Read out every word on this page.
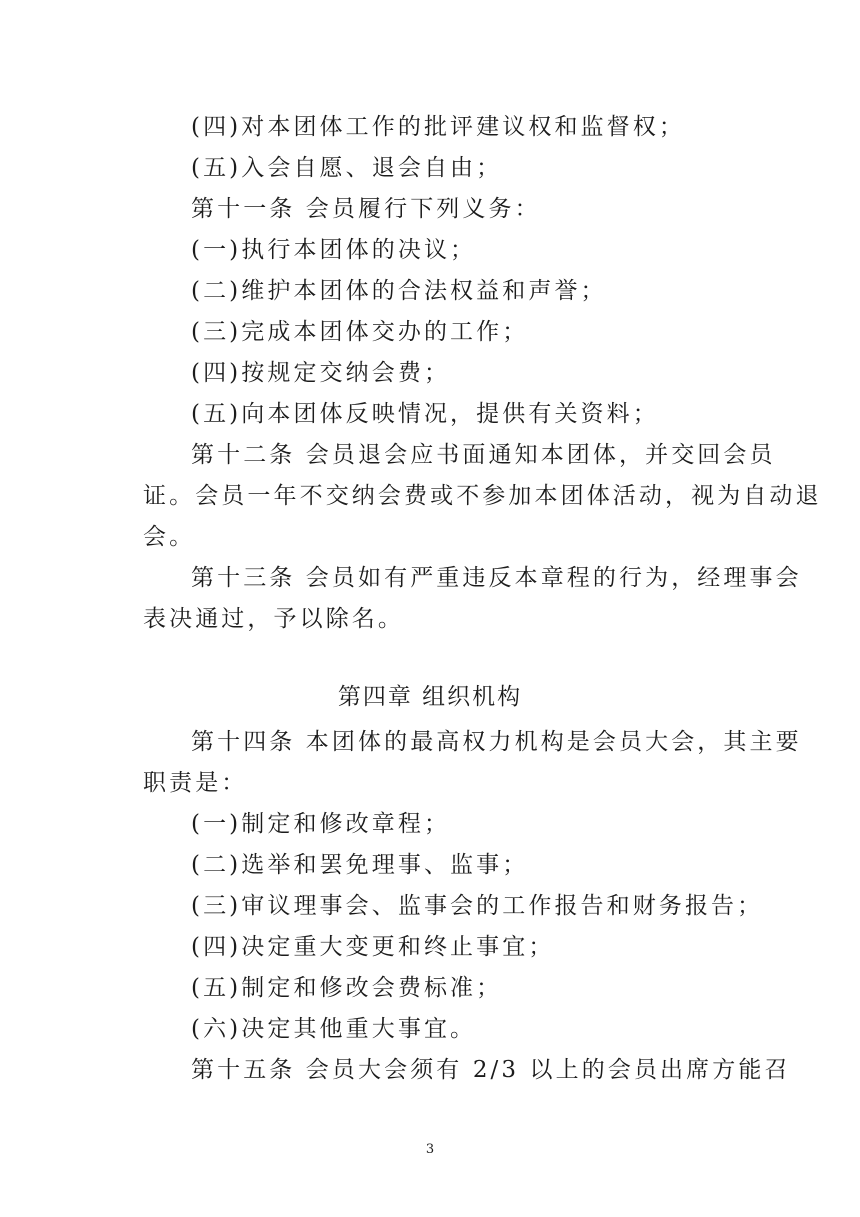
(四)对本团体工作的批评建议权和监督权；
(五)入会自愿、退会自由；
第十一条 会员履行下列义务：
(一)执行本团体的决议；
(二)维护本团体的合法权益和声誉；
(三)完成本团体交办的工作；
(四)按规定交纳会费；
(五)向本团体反映情况，提供有关资料；
第十二条 会员退会应书面通知本团体，并交回会员
证。会员一年不交纳会费或不参加本团体活动，视为自动退
会。
第十三条 会员如有严重违反本章程的行为，经理事会
表决通过，予以除名。
第四章 组织机构
第十四条 本团体的最高权力机构是会员大会，其主要
职责是：
(一)制定和修改章程；
(二)选举和罢免理事、监事；
(三)审议理事会、监事会的工作报告和财务报告；
(四)决定重大变更和终止事宜；
(五)制定和修改会费标准；
(六)决定其他重大事宜。
第十五条 会员大会须有 2/3 以上的会员出席方能召
3
